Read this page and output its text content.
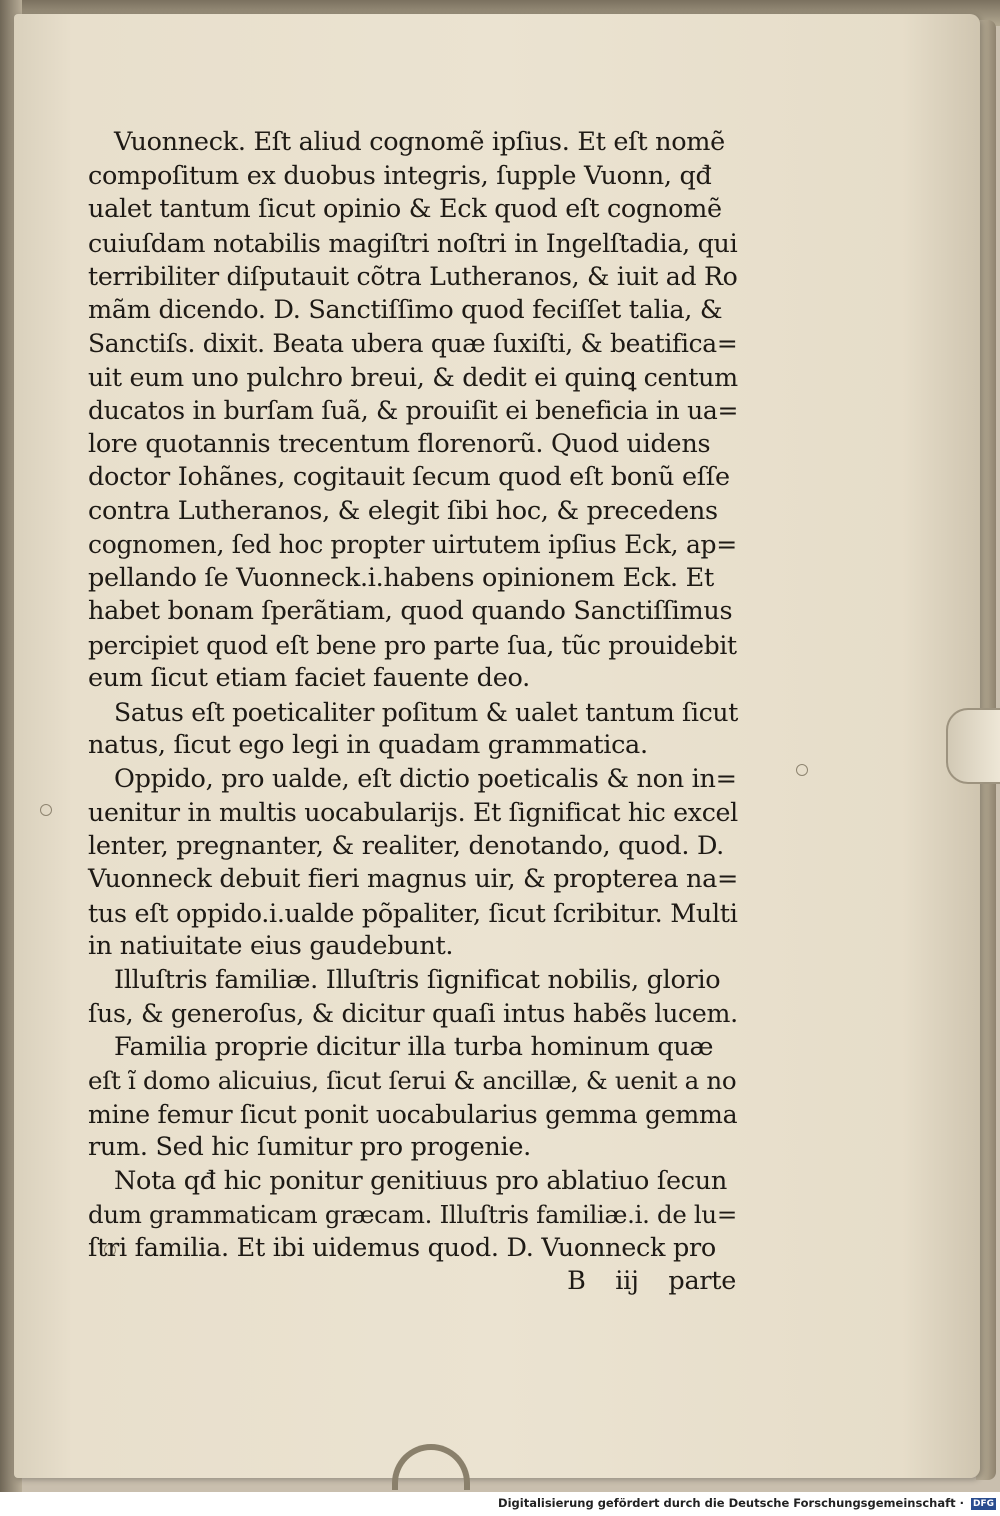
Vuonneck. Eſt aliud cognomẽ ipſius. Et eſt nomẽ
compoſitum ex duobus integris, ſupple Vuonn, qđ
ualet tantum ſicut opinio & Eck quod eſt cognomẽ
cuiuſdam notabilis magiſtri noſtri in Ingelſtadia, qui
terribiliter diſputauit cõtra Lutheranos, & iuit ad Ro
mãm dicendo. D. Sanctiſſimo quod feciſſet talia, &
Sanctiſs. dixit. Beata ubera quæ ſuxiſti, & beatifica=
uit eum uno pulchro breui, & dedit ei quinꝗ centum
ducatos in burſam ſuã, & prouiſit ei beneficia in ua=
lore quotannis trecentum florenorũ. Quod uidens
doctor Iohãnes, cogitauit ſecum quod eſt bonũ eſſe
contra Lutheranos, & elegit ſibi hoc, & precedens
cognomen, ſed hoc propter uirtutem ipſius Eck, ap=
pellando ſe Vuonneck.i.habens opinionem Eck. Et
habet bonam ſperãtiam, quod quando Sanctiſſimus
percipiet quod eſt bene pro parte ſua, tũc prouidebit
eum ſicut etiam faciet fauente deo.
Satus eſt poeticaliter poſitum & ualet tantum ſicut
natus, ſicut ego legi in quadam grammatica.
Oppido, pro ualde, eſt dictio poeticalis & non in=
uenitur in multis uocabularijs. Et ſignificat hic excel
lenter, pregnanter, & realiter, denotando, quod. D.
Vuonneck debuit fieri magnus uir, & propterea na=
tus eſt oppido.i.ualde põpaliter, ſicut ſcribitur. Multi
in natiuitate eius gaudebunt.
Illuſtris familiæ. Illuſtris ſignificat nobilis, glorio
ſus, & generoſus, & dicitur quaſi intus habẽs lucem.
Familia proprie dicitur illa turba hominum quæ
eſt ĩ domo alicuius, ſicut ſerui & ancillæ, & uenit a no
mine femur ſicut ponit uocabularius gemma gemma
rum. Sed hic ſumitur pro progenie.
Nota qđ hic ponitur genitiuus pro ablatiuo ſecun
dum grammaticam græcam. Illuſtris familiæ.i. de lu=
ſtri familia. Et ibi uidemus quod. D. Vuonneck pro
B iij parte
Digitalisierung gefördert durch die Deutsche Forschungsgemeinschaft · DFG
